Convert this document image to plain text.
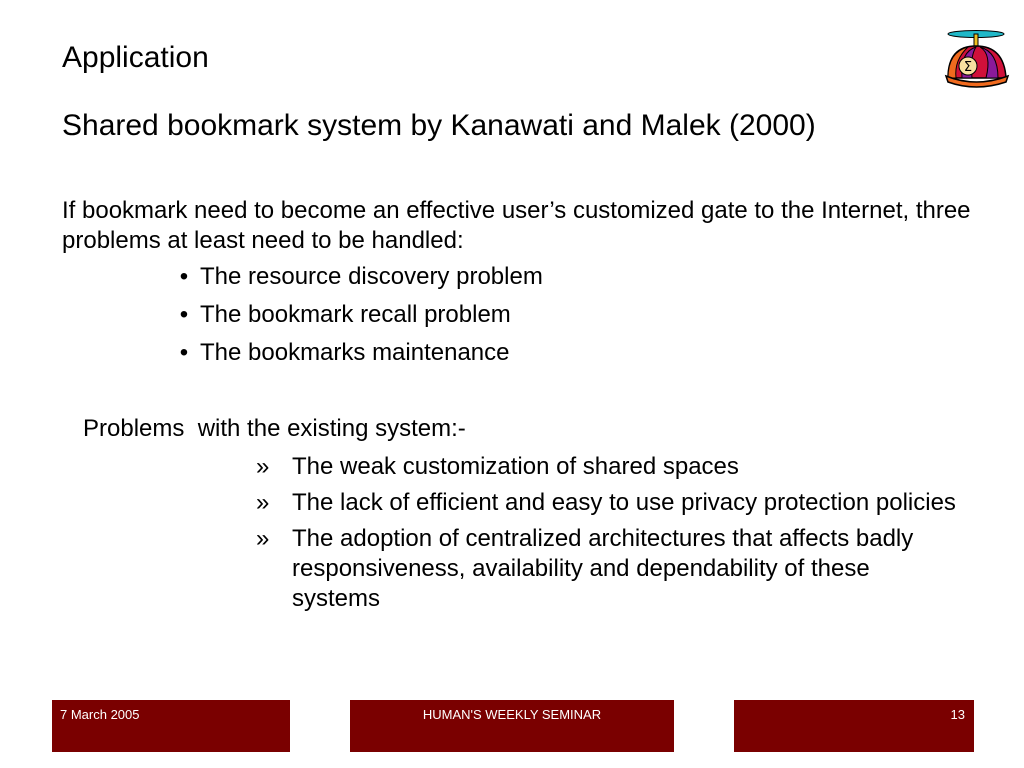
Σ
Application
Shared bookmark system by Kanawati and Malek (2000)

If bookmark need to become an effective user’s customized gate to the Internet, three problems at least need to be handled:

• The resource discovery problem
• The bookmark recall problem
• The bookmarks maintenance

Problems  with the existing system:-

» The weak customization of shared spaces
» The lack of efficient and easy to use privacy protection policies
» The adoption of centralized architectures that affects badly responsiveness, availability and dependability of these systems
7 March 2005	HUMAN'S WEEKLY SEMINAR	13
